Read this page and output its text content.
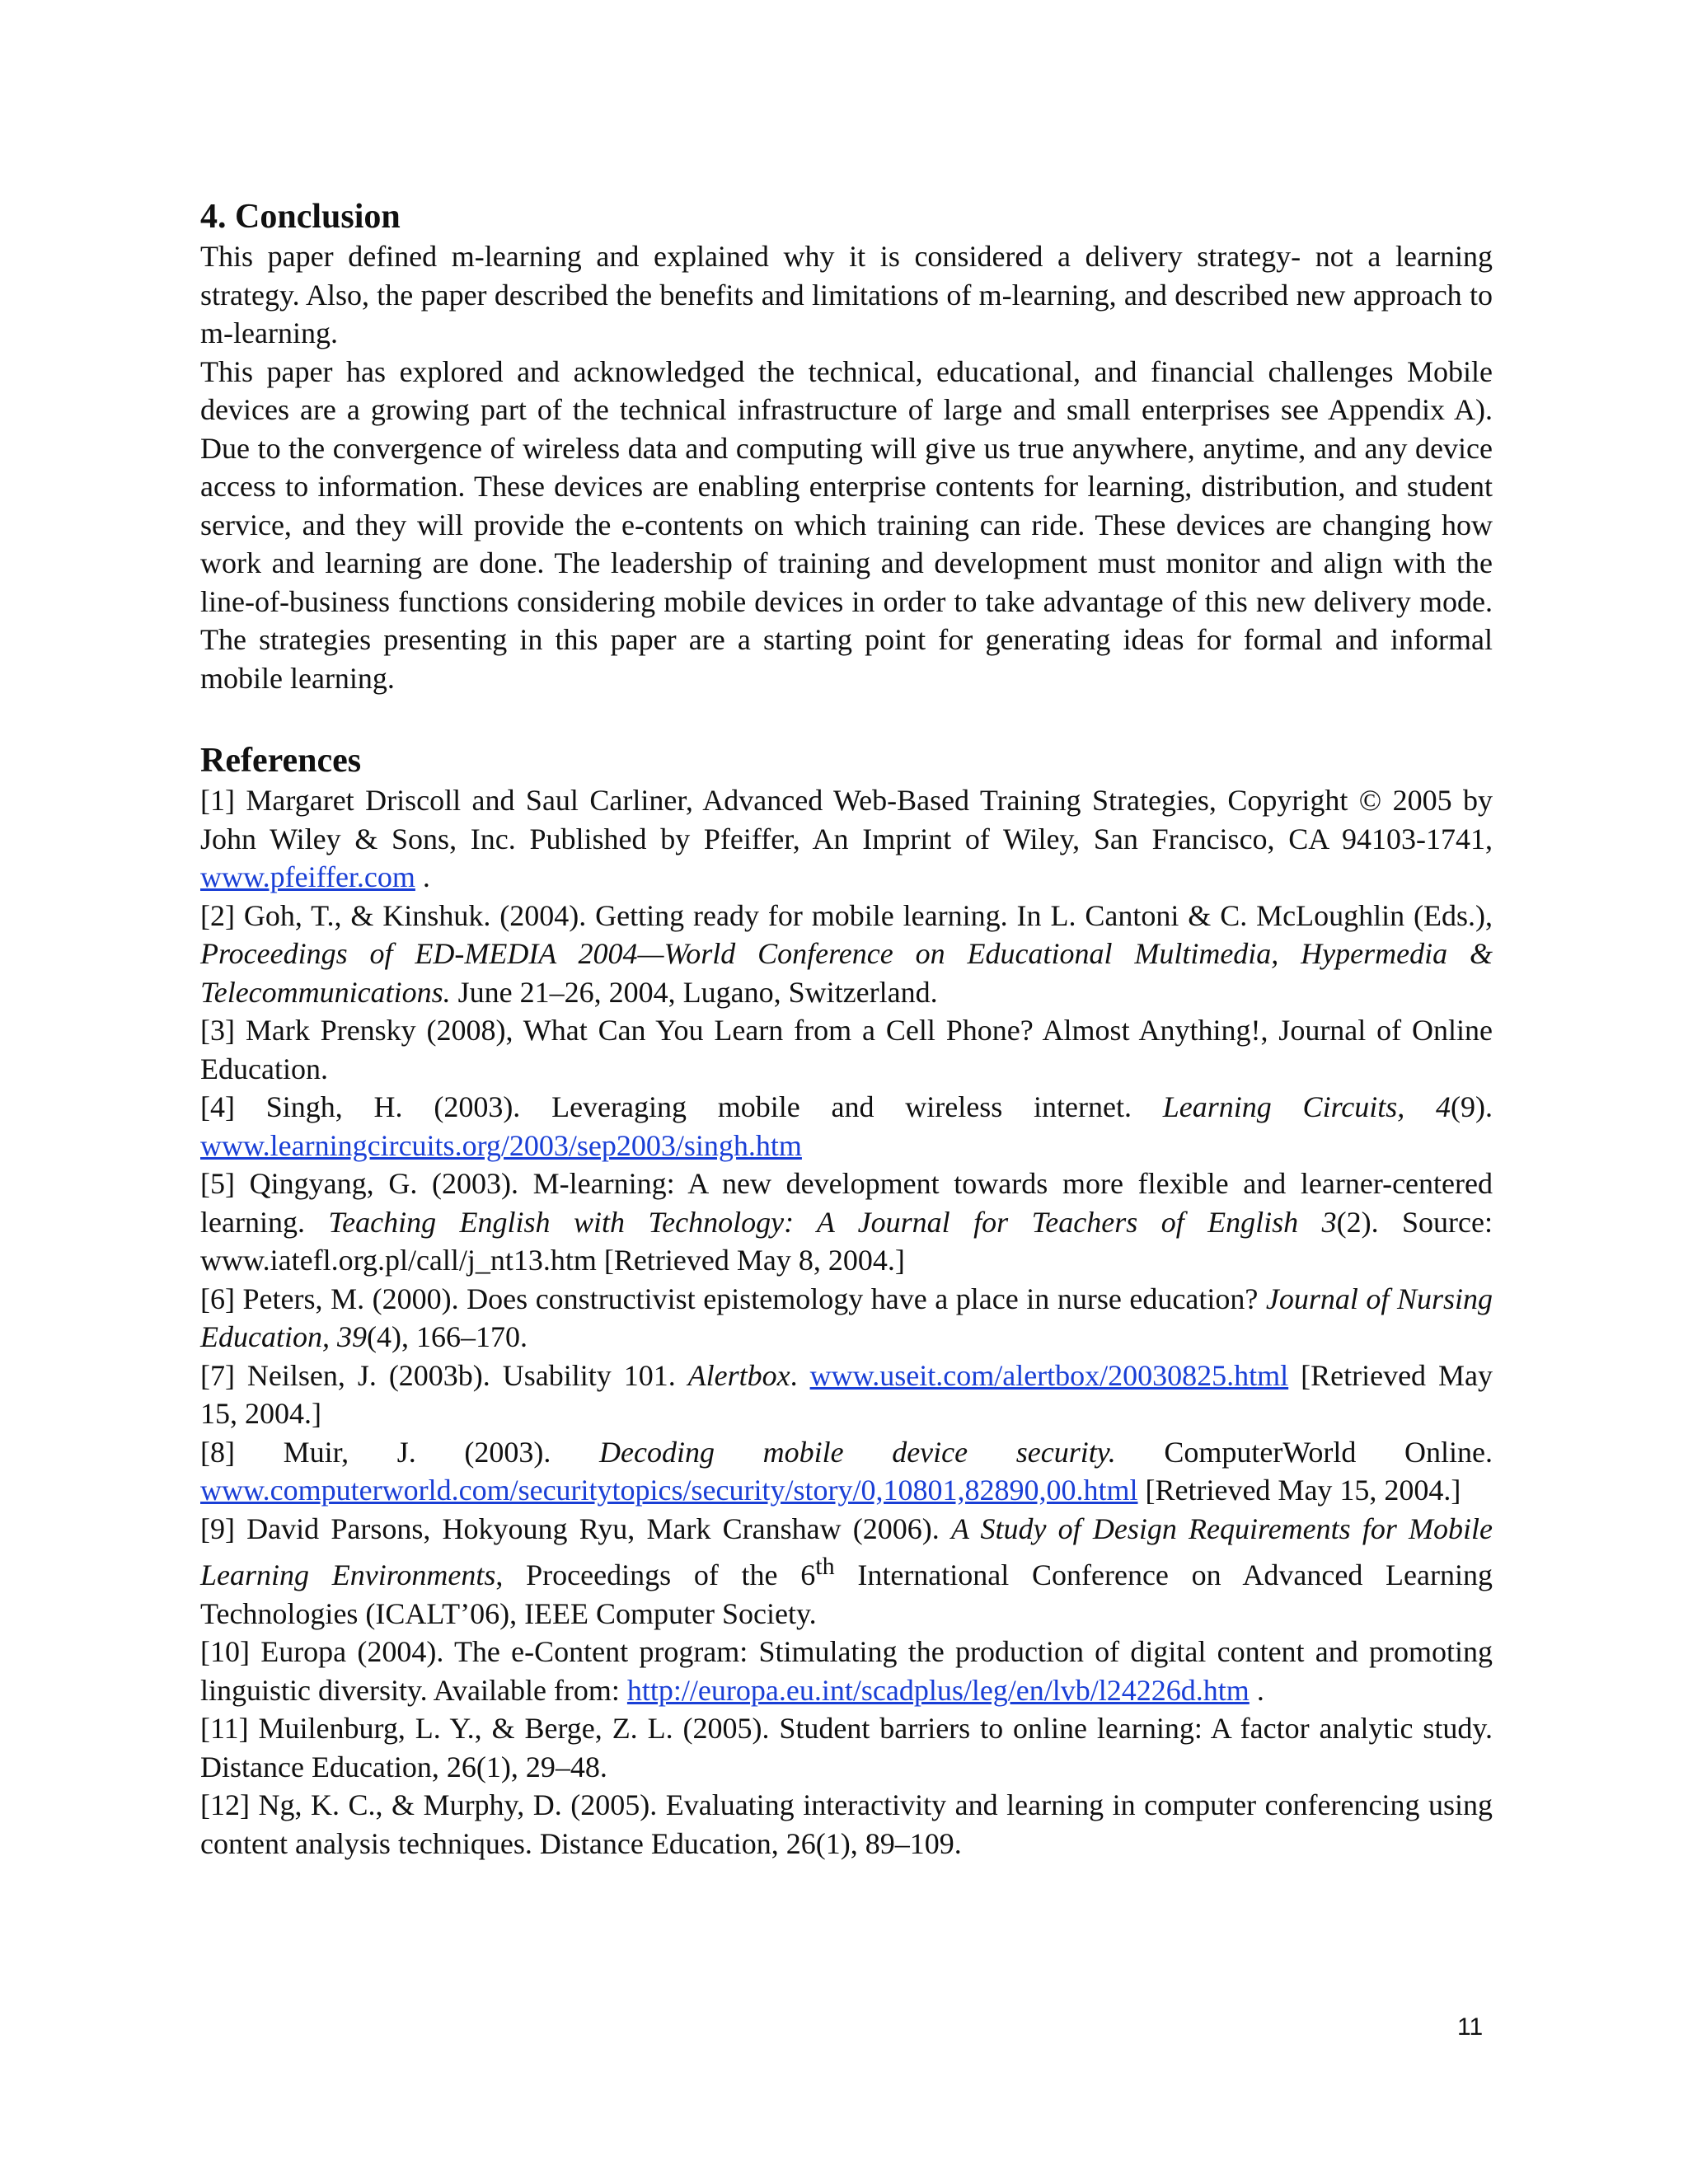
4. Conclusion

This paper defined m-learning and explained why it is considered a delivery strategy- not a learning strategy. Also, the paper described the benefits and limitations of m-learning, and described new approach to m-learning.

This paper has explored and acknowledged the technical, educational, and financial challenges Mobile devices are a growing part of the technical infrastructure of large and small enterprises see Appendix A). Due to the convergence of wireless data and computing will give us true anywhere, anytime, and any device access to information. These devices are enabling enterprise contents for learning, distribution, and student service, and they will provide the e-contents on which training can ride. These devices are changing how work and learning are done. The leadership of training and development must monitor and align with the line-of-business functions considering mobile devices in order to take advantage of this new delivery mode. The strategies presenting in this paper are a starting point for generating ideas for formal and informal mobile learning.

References

[1] Margaret Driscoll and Saul Carliner, Advanced Web-Based Training Strategies, Copyright © 2005 by John Wiley & Sons, Inc. Published by Pfeiffer, An Imprint of Wiley, San Francisco, CA 94103-1741, www.pfeiffer.com .

[2] Goh, T., & Kinshuk. (2004). Getting ready for mobile learning. In L. Cantoni & C. McLoughlin (Eds.), Proceedings of ED-MEDIA 2004—World Conference on Educational Multimedia, Hypermedia & Telecommunications. June 21–26, 2004, Lugano, Switzerland.

[3] Mark Prensky (2008), What Can You Learn from a Cell Phone? Almost Anything!, Journal of Online Education.

[4] Singh, H. (2003). Leveraging mobile and wireless internet. Learning Circuits, 4(9). www.learningcircuits.org/2003/sep2003/singh.htm

[5] Qingyang, G. (2003). M-learning: A new development towards more flexible and learner-centered learning. Teaching English with Technology: A Journal for Teachers of English 3(2). Source: www.iatefl.org.pl/call/j_nt13.htm [Retrieved May 8, 2004.]

[6] Peters, M. (2000). Does constructivist epistemology have a place in nurse education? Journal of Nursing Education, 39(4), 166–170.

[7] Neilsen, J. (2003b). Usability 101. Alertbox. www.useit.com/alertbox/20030825.html [Retrieved May 15, 2004.]

[8] Muir, J. (2003). Decoding mobile device security. ComputerWorld Online. www.computerworld.com/securitytopics/security/story/0,10801,82890,00.html [Retrieved May 15, 2004.]

[9] David Parsons, Hokyoung Ryu, Mark Cranshaw (2006). A Study of Design Requirements for Mobile Learning Environments, Proceedings of the 6th International Conference on Advanced Learning Technologies (ICALT’06), IEEE Computer Society.

[10] Europa (2004). The e-Content program: Stimulating the production of digital content and promoting linguistic diversity. Available from: http://europa.eu.int/scadplus/leg/en/lvb/l24226d.htm .

[11] Muilenburg, L. Y., & Berge, Z. L. (2005). Student barriers to online learning: A factor analytic study. Distance Education, 26(1), 29–48.

[12] Ng, K. C., & Murphy, D. (2005). Evaluating interactivity and learning in computer conferencing using content analysis techniques. Distance Education, 26(1), 89–109.

11
